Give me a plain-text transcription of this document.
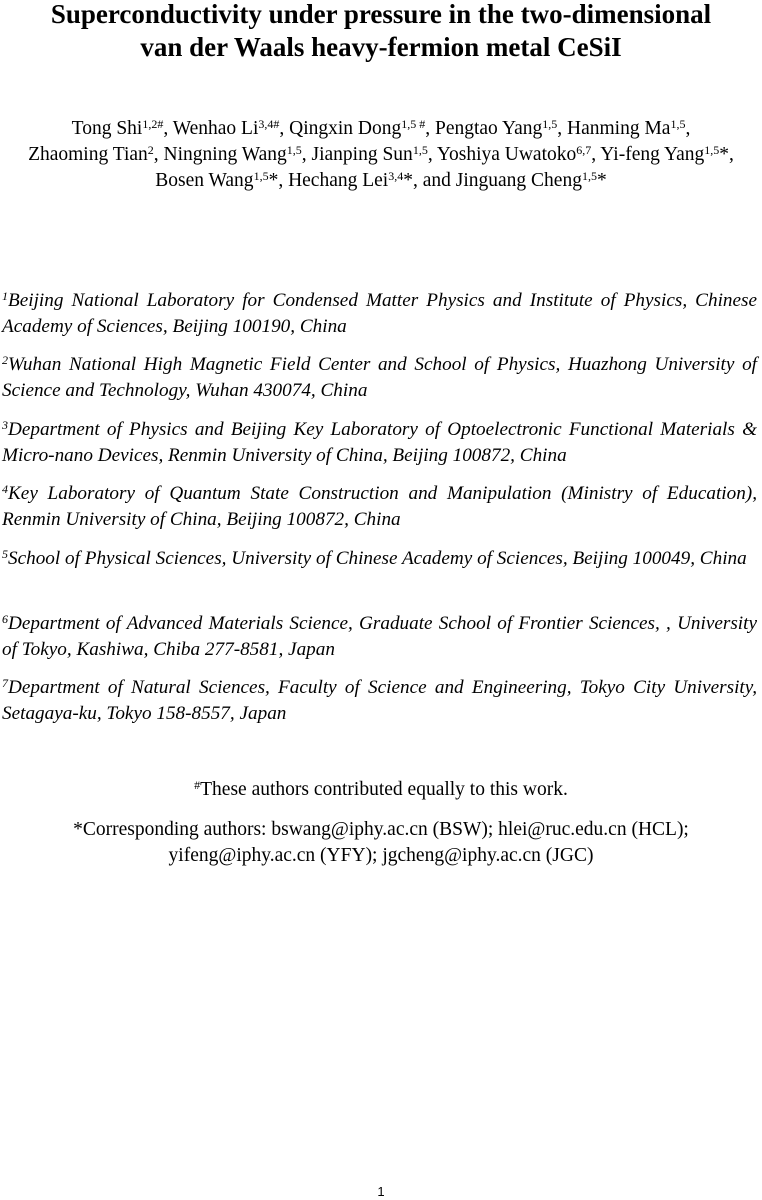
Superconductivity under pressure in the two-dimensional
van der Waals heavy-fermion metal CeSiI
Tong Shi$^{1,2\#}$, Wenhao $Li^{3,4\#}$, Qingxin Dong$^{1,5 \#}$, Pengtao Yang$^{1,5}$, Hanming Ma$^{1,5}$,
Zhaoming Tian$^2$, Ningning Wang$^{1,5}$, Jianping Sun$^{1,5}$, Yoshiya Uwatoko$^{6,7}$, Yi-feng Yang$^{1,5}$*, Bosen Wang$^{1,5}$*, Hechang Lei$^{3,4}$*, and Jinguang Cheng$^{1,5}$*
$^1$Beijing National Laboratory for Condensed Matter Physics and Institute of Physics, Chinese Academy of Sciences, Beijing 100190, China
$^2$Wuhan National High Magnetic Field Center and School of Physics, Huazhong University of Science and Technology, Wuhan 430074, China
$^3$Department of Physics and Beijing Key Laboratory of Optoelectronic Functional Materials & Micro-nano Devices, Renmin University of China, Beijing 100872, China
$^4$Key Laboratory of Quantum State Construction and Manipulation (Ministry of Education), Renmin University of China, Beijing 100872, China
$^5$School of Physical Sciences, University of Chinese Academy of Sciences, Beijing 100049, China
$^6$Department of Advanced Materials Science, Graduate School of Frontier Sciences, , University of Tokyo, Kashiwa, Chiba 277-8581, Japan
$^7$Department of Natural Sciences, Faculty of Science and Engineering, Tokyo City University, Setagaya-ku, Tokyo 158-8557, Japan
#These authors contributed equally to this work.
*Corresponding authors: bswang@iphy.ac.cn (BSW); hlei@ruc.edu.cn (HCL);
yifeng@iphy.ac.cn (YFY); jgcheng@iphy.ac.cn (JGC)
1
